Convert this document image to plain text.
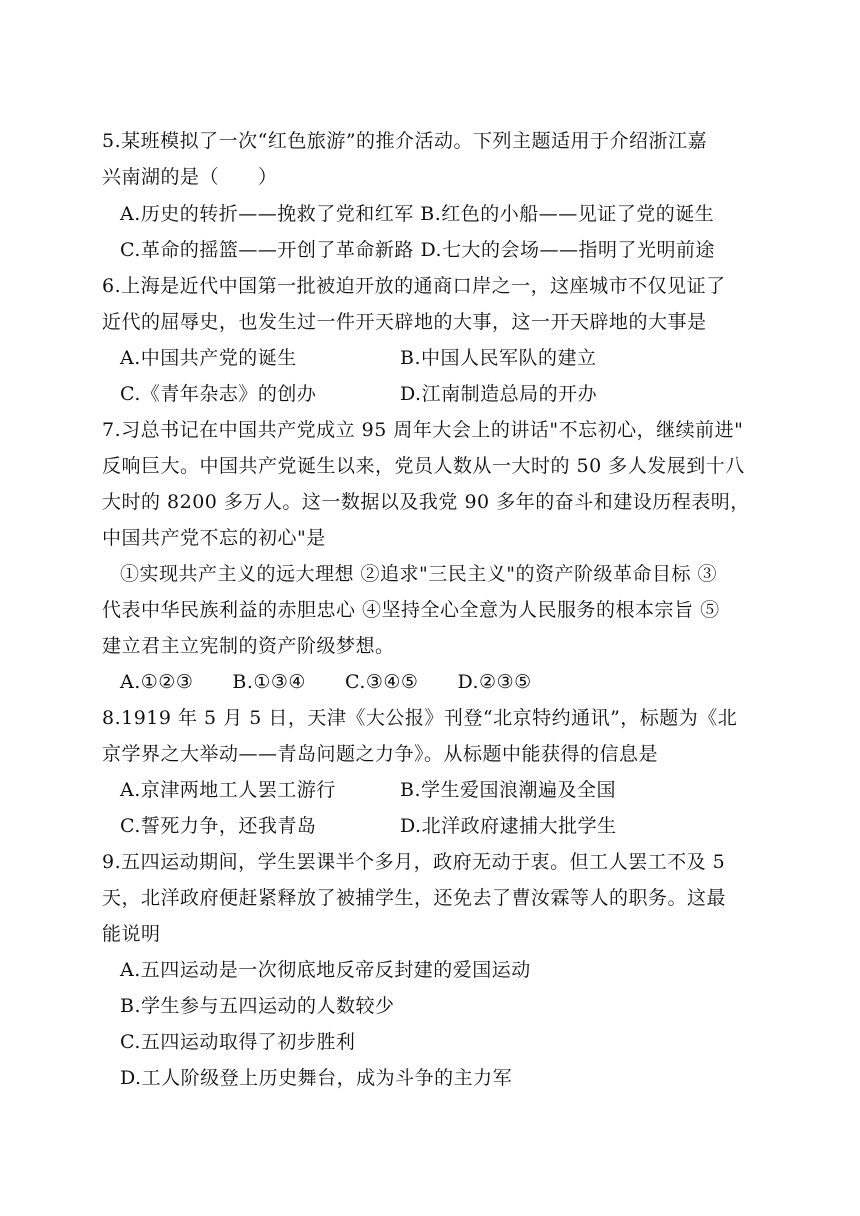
5.某班模拟了一次“红色旅游”的推介活动。下列主题适用于介绍浙江嘉
兴南湖的是（　　）
A.历史的转折——挽救了党和红军 B.红色的小船——见证了党的诞生
C.革命的摇篮——开创了革命新路 D.七大的会场——指明了光明前途
6.上海是近代中国第一批被迫开放的通商口岸之一，这座城市不仅见证了
近代的屈辱史，也发生过一件开天辟地的大事，这一开天辟地的大事是
A.中国共产党的诞生	B.中国人民军队的建立
C.《青年杂志》的创办	D.江南制造总局的开办
7.习总书记在中国共产党成立 95 周年大会上的讲话"不忘初心，继续前进"
反响巨大。中国共产党诞生以来，党员人数从一大时的 50 多人发展到十八
大时的 8200 多万人。这一数据以及我党 90 多年的奋斗和建设历程表明，
中国共产党不忘的初心"是
①实现共产主义的远大理想 ②追求"三民主义"的资产阶级革命目标 ③
代表中华民族利益的赤胆忠心 ④坚持全心全意为人民服务的根本宗旨 ⑤
建立君主立宪制的资产阶级梦想。
A.①②③　　B.①③④　　C.③④⑤　　D.②③⑤
8.1919 年 5 月 5 日，天津《大公报》刊登“北京特约通讯”，标题为《北
京学界之大举动——青岛问题之力争》。从标题中能获得的信息是
A.京津两地工人罢工游行	B.学生爱国浪潮遍及全国
C.誓死力争，还我青岛	D.北洋政府逮捕大批学生
9.五四运动期间，学生罢课半个多月，政府无动于衷。但工人罢工不及 5
天，北洋政府便赶紧释放了被捕学生，还免去了曹汝霖等人的职务。这最
能说明
A.五四运动是一次彻底地反帝反封建的爱国运动
B.学生参与五四运动的人数较少
C.五四运动取得了初步胜利
D.工人阶级登上历史舞台，成为斗争的主力军
